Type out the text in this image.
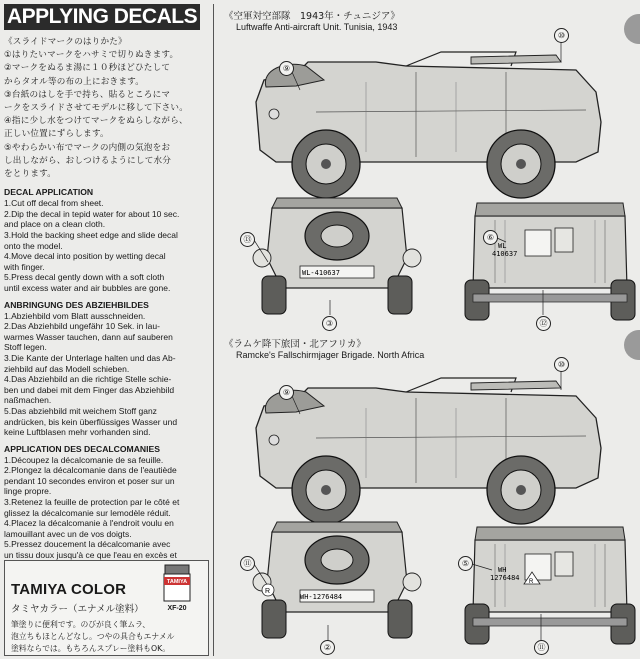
APPLYING DECALS
《スライドマークのはりかた》
①はりたいマークをハサミで切りぬきます。
②マークをぬるま湯に１０秒ほどひたして
からタオル等の布の上におきます。
③台紙のはしを手で持ち、貼るところにマ
ークをスライドさせてモデルに移して下さい。
④指に少し水をつけてマークをぬらしながら、
正しい位置にずらします。
⑤やわらかい布でマークの内側の気泡をお
し出しながら、おしつけるようにして水分
をとります。
DECAL APPLICATION
1.Cut off decal from sheet.
2.Dip the decal in tepid water for about 10 sec.
and place on a clean cloth.
3.Hold the backing sheet edge and slide decal
onto the model.
4.Move decal into position by wetting decal
with finger.
5.Press decal gently down with a soft cloth
until excess water and air bubbles are gone.
ANBRINGUNG DES ABZIEHBILDES
1.Abziehbild vom Blatt ausschneiden.
2.Das Abziehbild ungefähr 10 Sek. in lau-
warmes Wasser tauchen, dann auf sauberen
Stoff legen.
3.Die Kante der Unterlage halten und das Ab-
ziehbild auf das Modell schieben.
4.Das Abziehbild an die richtige Stelle schie-
ben und dabei mit dem Finger das Abziehbild
naßmachen.
5.Das abziehbild mit weichem Stoff ganz
andrücken, bis kein überflüssiges Wasser und
keine Luftblasen mehr vorhanden sind.
APPLICATION DES DECALCOMANIES
1.Découpez la décalcomanie de sa feuille.
2.Plongez la décalcomanie dans de l'eautiède
pendant 10 secondes environ et poser sur un
linge propre.
3.Retenez la feuille de protection par le côté et
glissez la décalcomanie sur lemodèle réduit.
4.Placez la décalcomanie à l'endroit voulu en
lamouillant avec un de vos doigts.
5.Pressez doucement la décalcomanie avec
un tissu doux jusqu'à ce que l'eau en excès et
TAMIYA COLOR
タミヤカラー（エナメル塗料）
TAMIYA
XF-20
筆塗りに便利です。のびが良く筆ムラ、
泡立ちもほとんどなし。つやの具合もエナメル
塗料ならでは。もちろんスプレー塗料もOK。
《空軍対空部隊　1943年・チュニジア》
Luftwaffe Anti-aircraft Unit. Tunisia, 1943
《ラムケ降下旅団・北アフリカ》
Ramcke's Fallschirmjager Brigade. North Africa
WL-410637
WL
410637
WH-1276484
WH
1276484
R
R
⑨
⑩
⑬
③
⑥
⑫
⑨
⑩
⑪
②
⑤
⑪
